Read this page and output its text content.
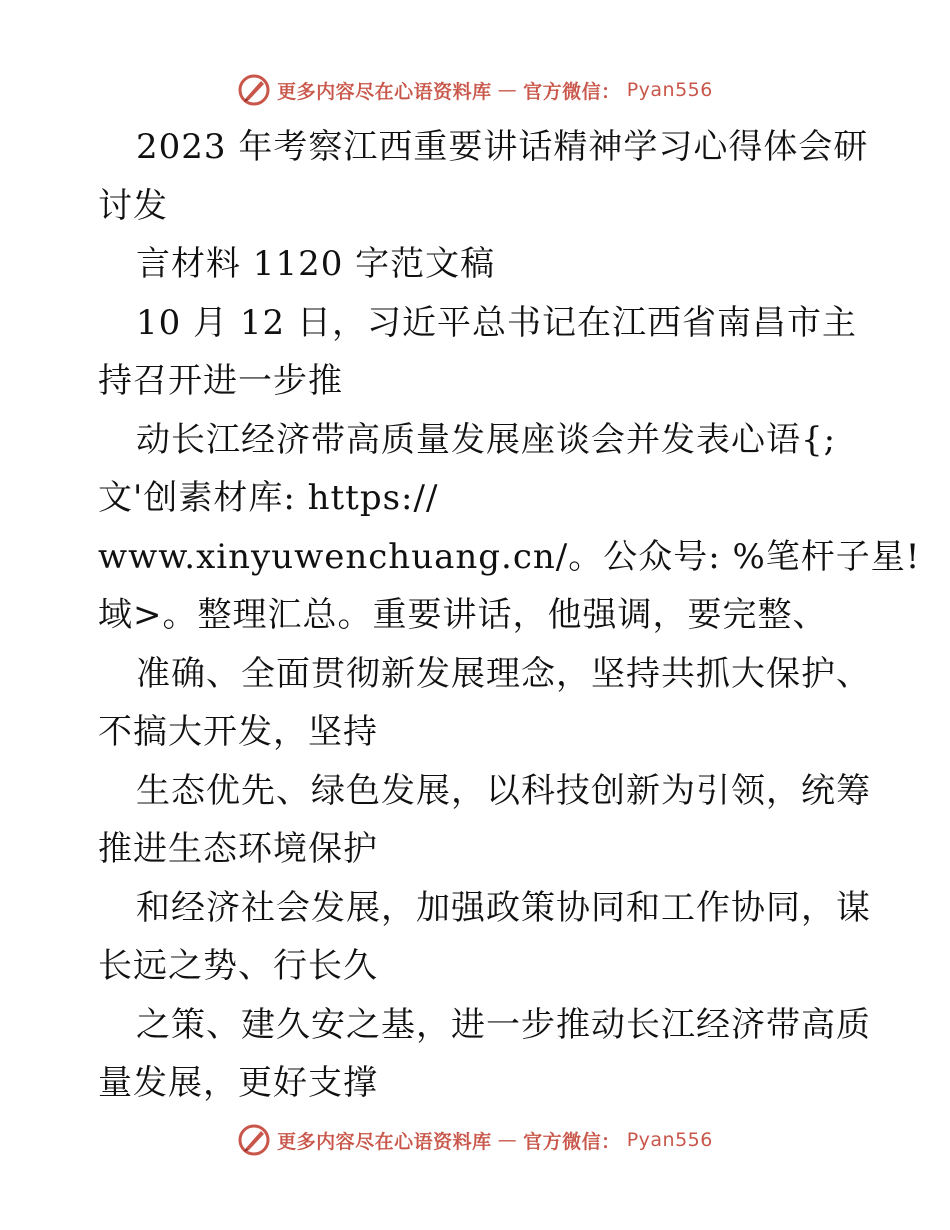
更多内容尽在心语资料库 — 官方微信： Pyan556
2023 年考察江西重要讲话精神学习心得体会研
讨发
言材料 1120 字范文稿
10 月 12 日，习近平总书记在江西省南昌市主
持召开进一步推
动长江经济带高质量发展座谈会并发表心语{;
文'创素材库: https://
www.xinyuwenchuang.cn/。公众号: %笔杆子星!
域>。整理汇总。重要讲话，他强调，要完整、
准确、全面贯彻新发展理念，坚持共抓大保护、
不搞大开发，坚持
生态优先、绿色发展，以科技创新为引领，统筹
推进生态环境保护
和经济社会发展，加强政策协同和工作协同，谋
长远之势、行长久
之策、建久安之基，进一步推动长江经济带高质
量发展，更好支撑
更多内容尽在心语资料库 — 官方微信： Pyan556
